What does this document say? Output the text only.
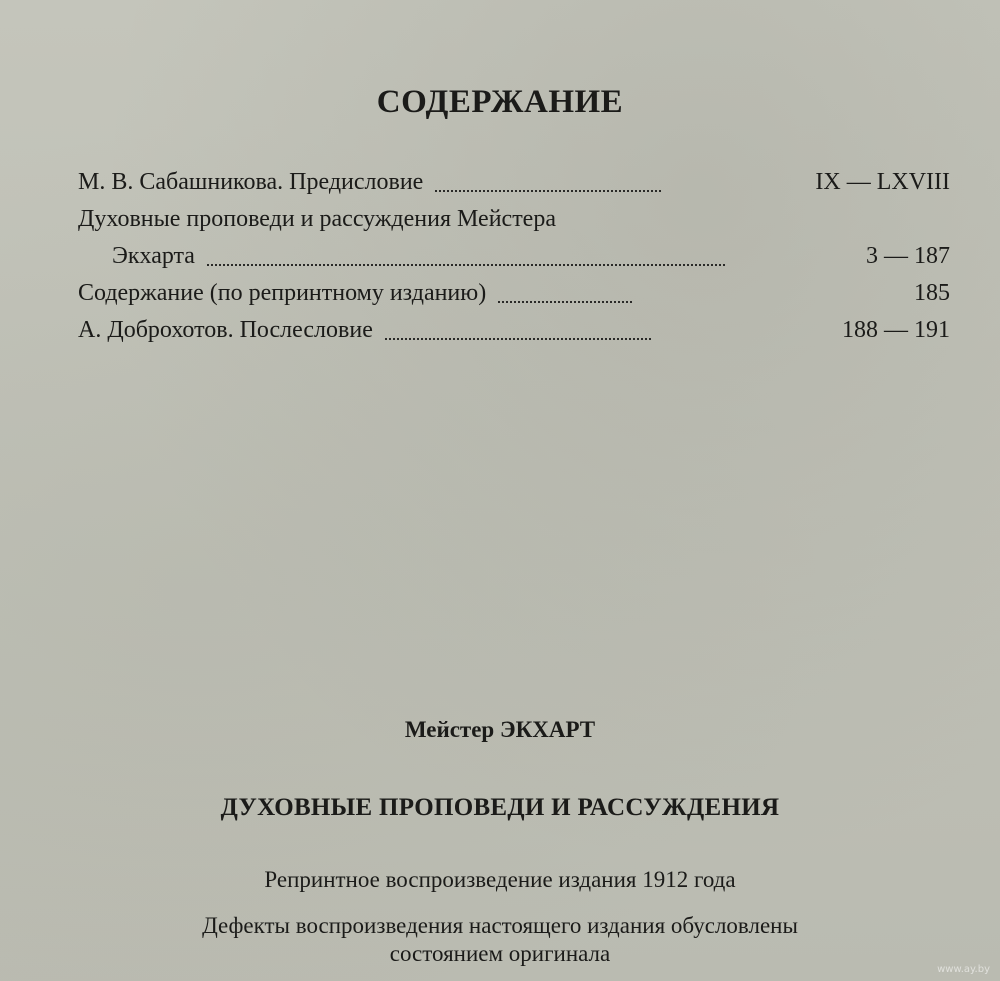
СОДЕРЖАНИЕ
М. В. Сабашникова. Предисловие	IX — LXVIII
Духовные проповеди и рассуждения Мейстера
Экхарта	3 — 187
Содержание (по репринтному изданию)	185
А. Доброхотов. Послесловие	188 — 191

Мейстер ЭКХАРТ

ДУХОВНЫЕ ПРОПОВЕДИ И РАССУЖДЕНИЯ

Репринтное воспроизведение издания 1912 года

Дефекты воспроизведения настоящего издания обусловлены
состоянием оригинала

www.ay.by
